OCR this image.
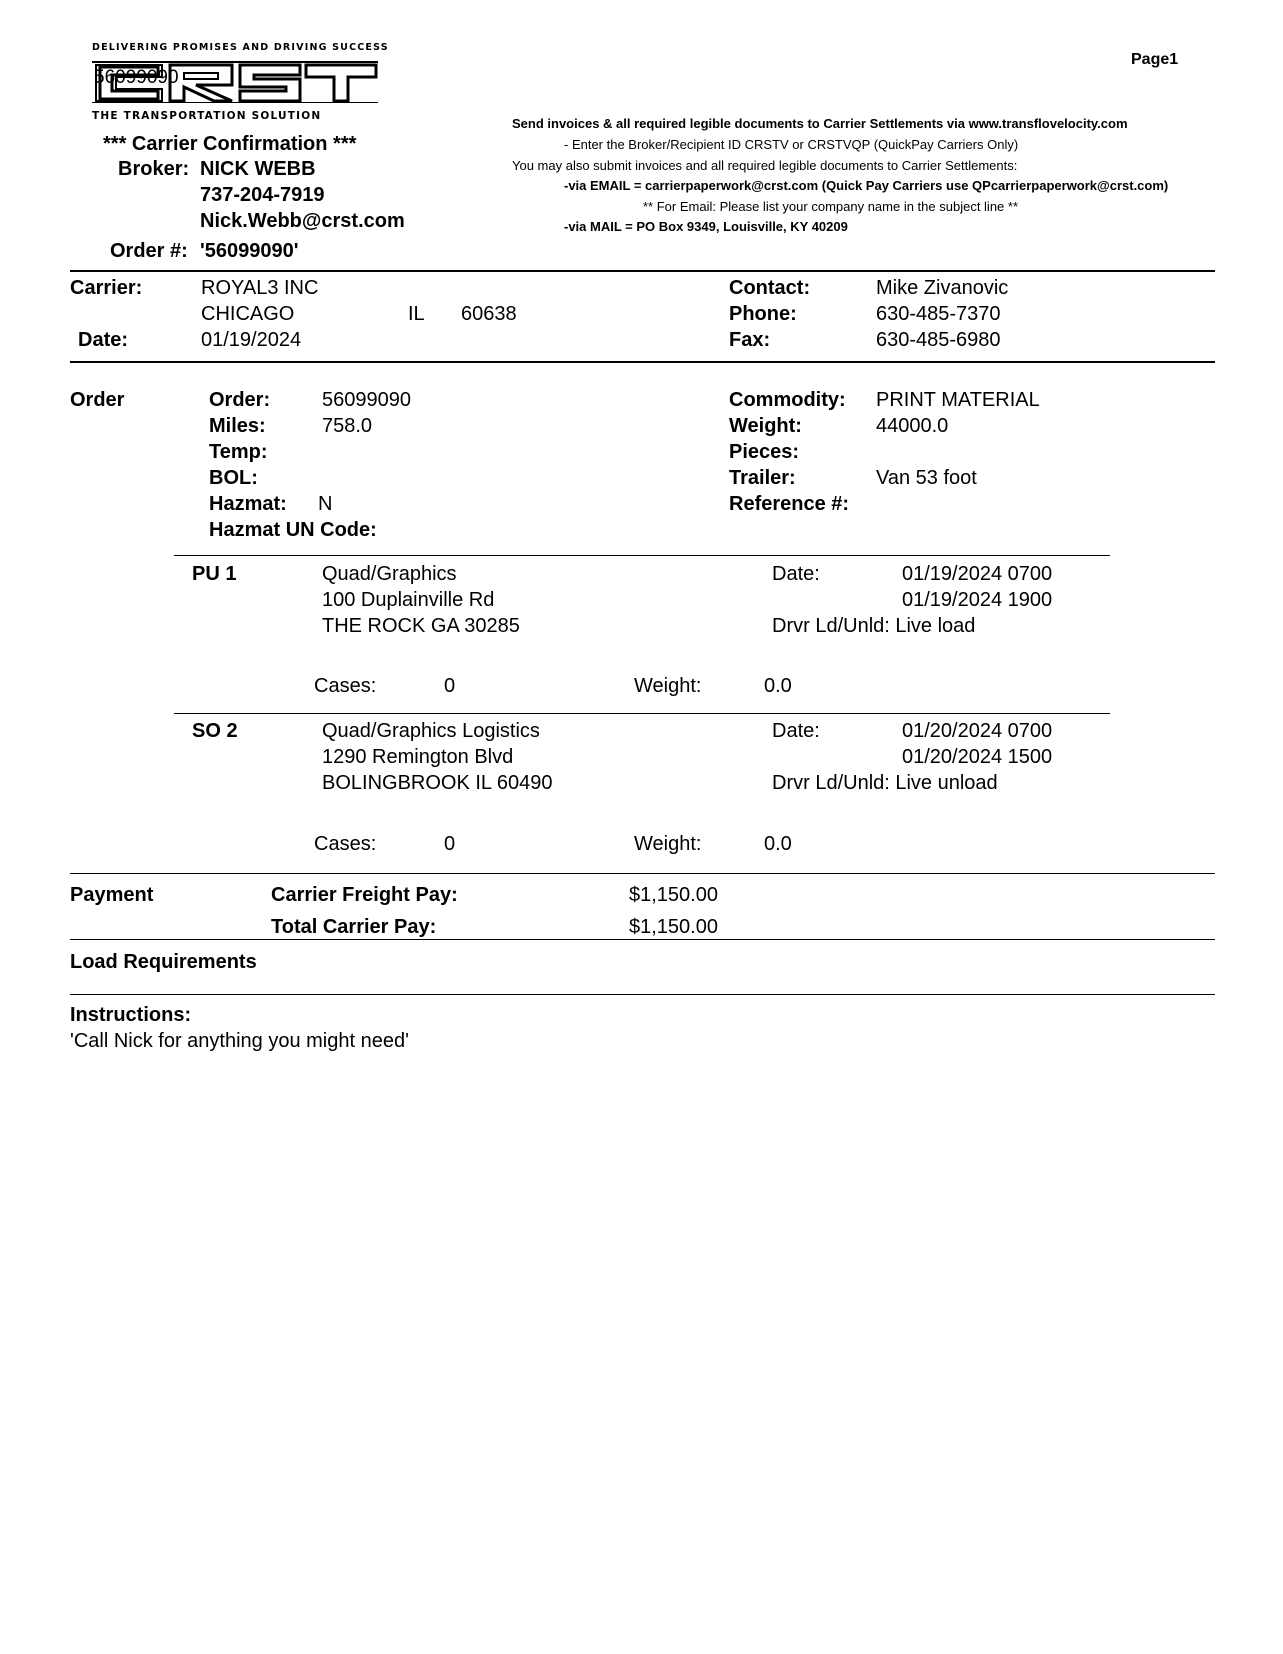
DELIVERING PROMISES AND DRIVING SUCCESS
56099090
THE TRANSPORTATION SOLUTION
Page1
*** Carrier Confirmation ***
Broker: NICK WEBB
737-204-7919
Nick.Webb@crst.com
Order #: '56099090'
Send invoices & all required legible documents to Carrier Settlements via www.transflovelocity.com
- Enter the Broker/Recipient ID CRSTV or CRSTVQP (QuickPay Carriers Only)
You may also submit invoices and all required legible documents to Carrier Settlements:
-via EMAIL = carrierpaperwork@crst.com (Quick Pay Carriers use QPcarrierpaperwork@crst.com)
** For Email: Please list your company name in the subject line **
-via MAIL = PO Box 9349, Louisville, KY 40209
Carrier:	ROYAL3 INC
CHICAGO	IL 60638
Date:	01/19/2024
Contact:	Mike Zivanovic
Phone:	630-485-7370
Fax:	630-485-6980
Order	Order:	56099090
Miles:	758.0
Temp:
BOL:
Hazmat: N
Hazmat UN Code:
Commodity: PRINT MATERIAL
Weight:	44000.0
Pieces:
Trailer:	Van 53 foot
Reference #:
PU 1	Quad/Graphics
100 Duplainville Rd
THE ROCK GA 30285
Date:	01/19/2024 0700
01/19/2024 1900
Drvr Ld/Unld: Live load
Cases:	0	Weight:	0.0
SO 2	Quad/Graphics Logistics
1290 Remington Blvd
BOLINGBROOK IL 60490
Date:	01/20/2024 0700
01/20/2024 1500
Drvr Ld/Unld: Live unload
Cases:	0	Weight:	0.0
Payment	Carrier Freight Pay:	$1,150.00
Total Carrier Pay:	$1,150.00
Load Requirements
Instructions:
'Call Nick for anything you might need'
